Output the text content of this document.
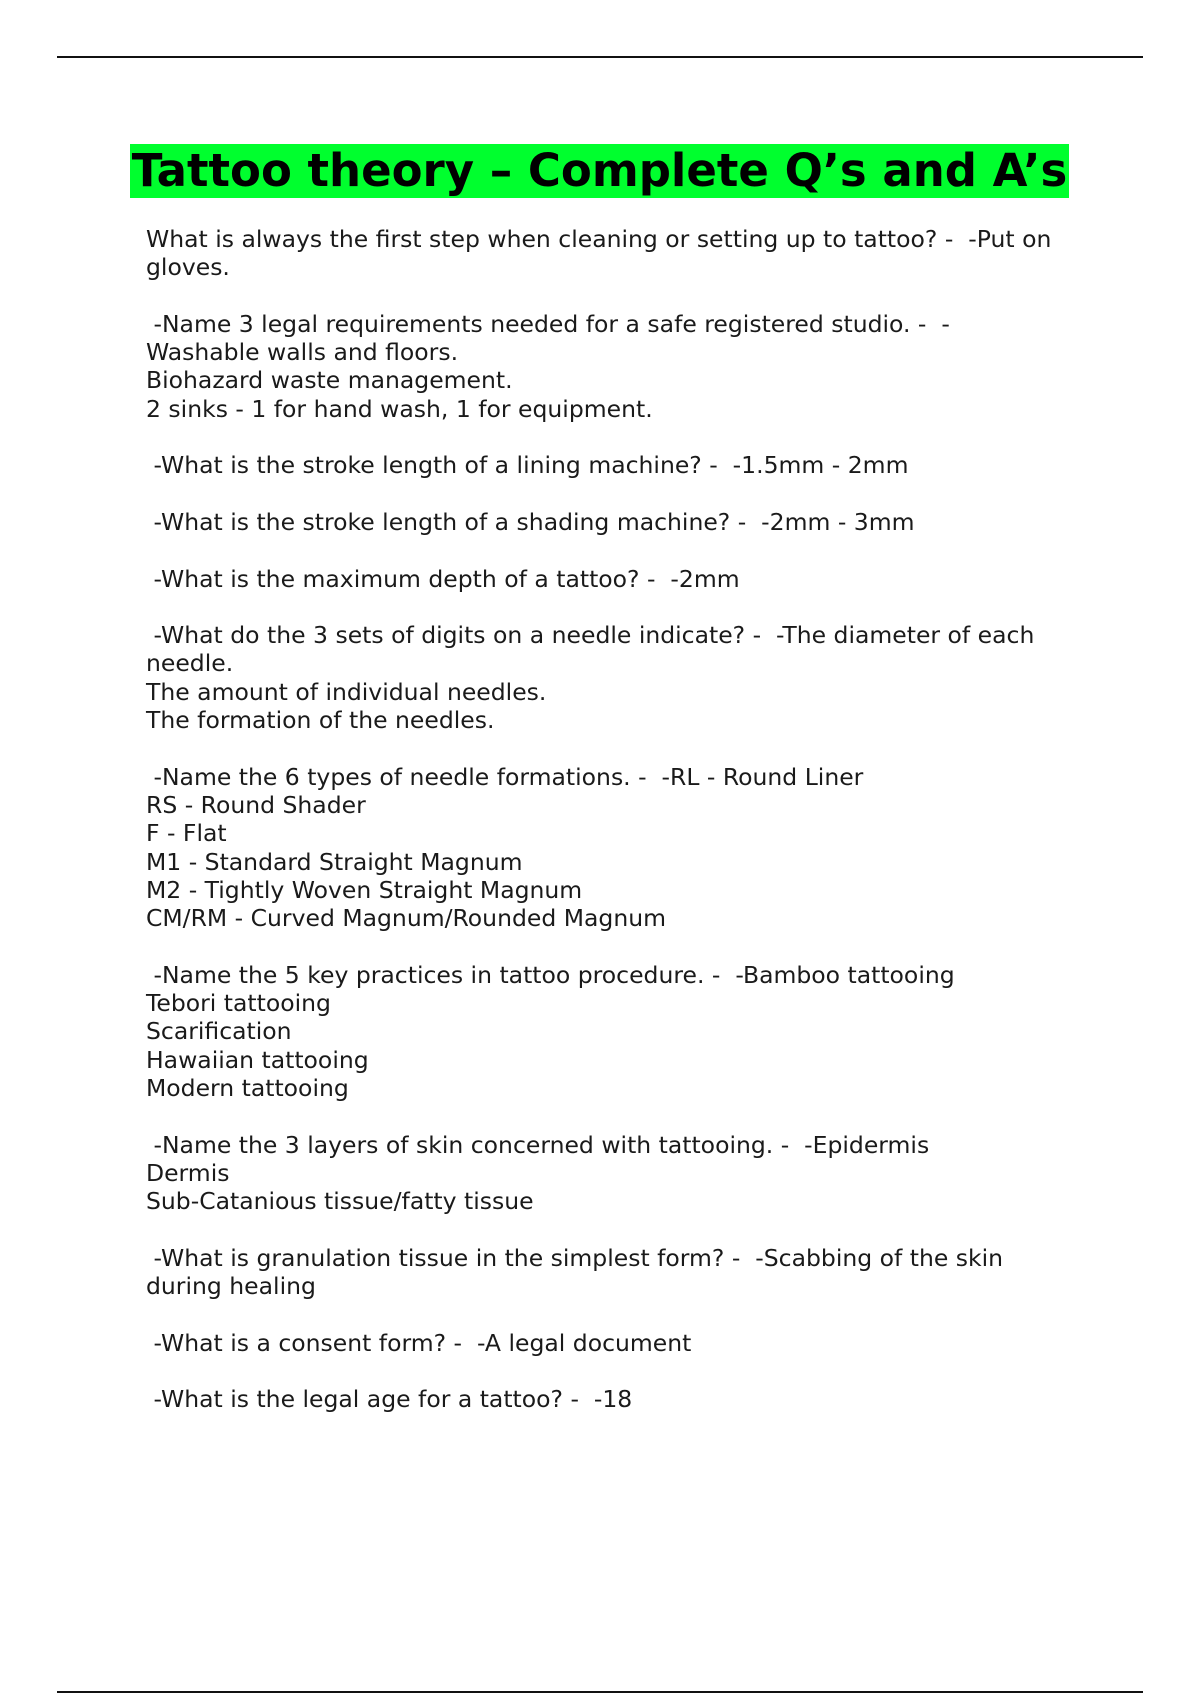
Tattoo theory – Complete Q’s and A’s
What is always the first step when cleaning or setting up to tattoo? -  -Put on
gloves.
-Name 3 legal requirements needed for a safe registered studio. -  -
Washable walls and floors.
Biohazard waste management.
2 sinks - 1 for hand wash, 1 for equipment.
-What is the stroke length of a lining machine? -  -1.5mm - 2mm
-What is the stroke length of a shading machine? -  -2mm - 3mm
-What is the maximum depth of a tattoo? -  -2mm
-What do the 3 sets of digits on a needle indicate? -  -The diameter of each
needle.
The amount of individual needles.
The formation of the needles.
-Name the 6 types of needle formations. -  -RL - Round Liner
RS - Round Shader
F - Flat
M1 - Standard Straight Magnum
M2 - Tightly Woven Straight Magnum
CM/RM - Curved Magnum/Rounded Magnum
-Name the 5 key practices in tattoo procedure. -  -Bamboo tattooing
Tebori tattooing
Scarification
Hawaiian tattooing
Modern tattooing
-Name the 3 layers of skin concerned with tattooing. -  -Epidermis
Dermis
Sub-Catanious tissue/fatty tissue
-What is granulation tissue in the simplest form? -  -Scabbing of the skin
during healing
-What is a consent form? -  -A legal document
-What is the legal age for a tattoo? -  -18
